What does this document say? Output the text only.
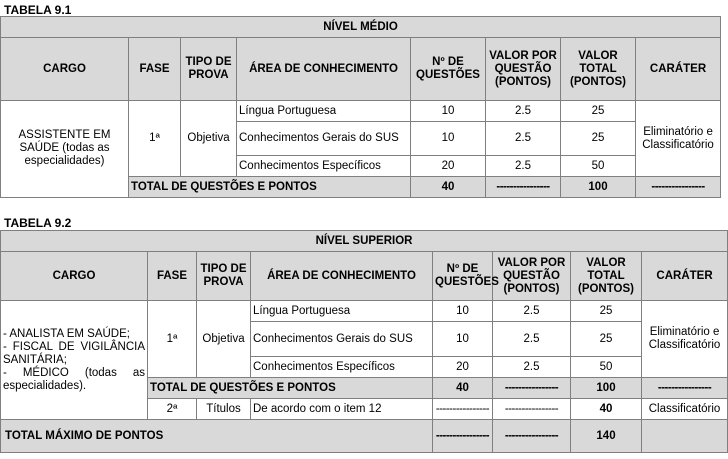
TABELA 9.1
NÍVEL MÉDIO							
CARGO	FASE	TIPO DE PROVA	ÁREA DE CONHECIMENTO	Nº DE QUESTÕES	VALOR POR QUESTÃO (PONTOS)	VALOR TOTAL (PONTOS)	CARÁTER
ASSISTENTE EM SAÚDE (todas as especialidades)	1ª	Objetiva	Língua Portuguesa	10	2.5	25	Eliminatório e Classificatório
			Conhecimentos Gerais do SUS	10	2.5	25	
			Conhecimentos Específicos	20	2.5	50	
	TOTAL DE QUESTÕES E PONTOS			40	----------------	100	----------------
TABELA 9.2
NÍVEL SUPERIOR							
CARGO	FASE	TIPO DE PROVA	ÁREA DE CONHECIMENTO	Nº DE QUESTÕES	VALOR POR QUESTÃO (PONTOS)	VALOR TOTAL (PONTOS)	CARÁTER

- ANALISTA EM SAÚDE;
- FISCAL DE VIGILÂNCIA SANITÁRIA;
- MÉDICO (todas as especialidades).	1ª	Objetiva	Língua Portuguesa	10	2.5	25	Eliminatório e Classificatório
			Conhecimentos Gerais do SUS	10	2.5	25	
			Conhecimentos Específicos	20	2.5	50	
	TOTAL DE QUESTÕES E PONTOS			40	----------------	100	----------------
	2ª	Títulos	De acordo com o item 12	----------------	----------------	40	Classificatório
TOTAL MÁXIMO DE PONTOS				----------------	----------------	140	
